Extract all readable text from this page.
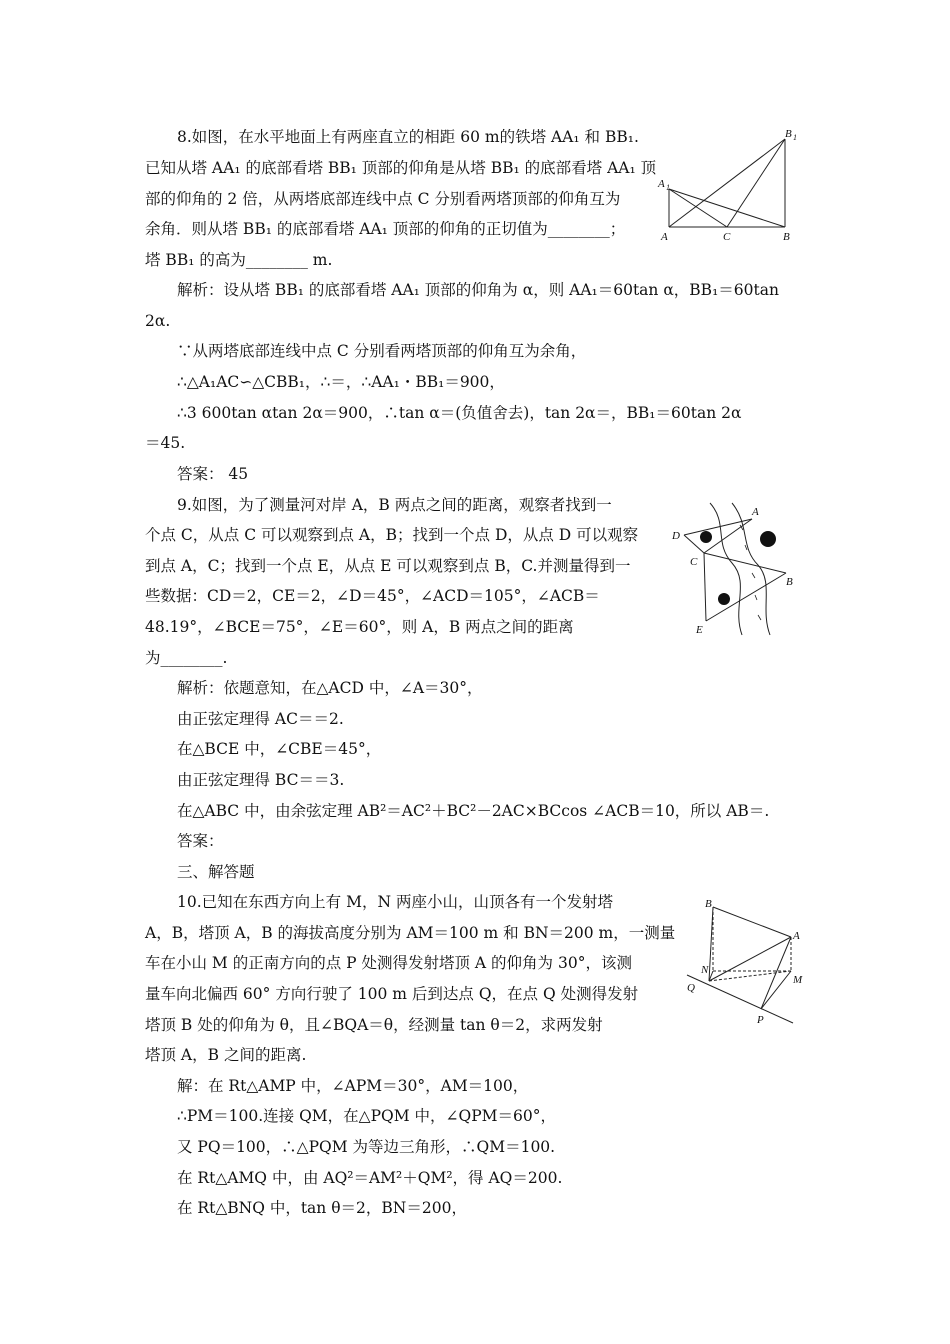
8.如图，在水平地面上有两座直立的相距 60 m的铁塔 AA₁ 和 BB₁.
已知从塔 AA₁ 的底部看塔 BB₁ 顶部的仰角是从塔 BB₁ 的底部看塔 AA₁ 顶
部的仰角的 2 倍，从两塔底部连线中点 C 分别看两塔顶部的仰角互为
余角．则从塔 BB₁ 的底部看塔 AA₁ 顶部的仰角的正切值为________；
塔 BB₁ 的高为________ m.
解析：设从塔 BB₁ 的底部看塔 AA₁ 顶部的仰角为 α，则 AA₁＝60tan α，BB₁＝60tan
2α.
∵从两塔底部连线中点 C 分别看两塔顶部的仰角互为余角，
∴△A₁AC∽△CBB₁，∴＝，∴AA₁・BB₁＝900，
∴3 600tan αtan 2α＝900，∴tan α＝(负值舍去)，tan 2α＝，BB₁＝60tan 2α
＝45.
答案： 45
9.如图，为了测量河对岸 A，B 两点之间的距离，观察者找到一
个点 C，从点 C 可以观察到点 A，B；找到一个点 D，从点 D 可以观察
到点 A，C；找到一个点 E，从点 E 可以观察到点 B，C.并测量得到一
些数据：CD＝2，CE＝2，∠D＝45°，∠ACD＝105°，∠ACB＝
48.19°，∠BCE＝75°，∠E＝60°，则 A，B 两点之间的距离
为________.
解析：依题意知，在△ACD 中，∠A＝30°，
由正弦定理得 AC＝＝2.
在△BCE 中，∠CBE＝45°，
由正弦定理得 BC＝＝3.
在△ABC 中，由余弦定理 AB²＝AC²＋BC²－2AC×BCcos ∠ACB＝10，所以 AB＝.
答案：
三、解答题
10.已知在东西方向上有 M，N 两座小山，山顶各有一个发射塔
A，B，塔顶 A，B 的海拔高度分别为 AM＝100 m 和 BN＝200 m，一测量
车在小山 M 的正南方向的点 P 处测得发射塔顶 A 的仰角为 30°，该测
量车向北偏西 60° 方向行驶了 100 m 后到达点 Q，在点 Q 处测得发射
塔顶 B 处的仰角为 θ，且∠BQA＝θ，经测量 tan θ＝2，求两发射
塔顶 A，B 之间的距离.
解：在 Rt△AMP 中，∠APM＝30°，AM＝100，
∴PM＝100.连接 QM，在△PQM 中，∠QPM＝60°，
又 PQ＝100，∴△PQM 为等边三角形，∴QM＝100.
在 Rt△AMQ 中，由 AQ²＝AM²＋QM²，得 AQ＝200.
在 Rt△BNQ 中，tan θ＝2，BN＝200，
B 1
A 1
A	C	B
A
D
C
B
E
B
A
N
M
Q
P
